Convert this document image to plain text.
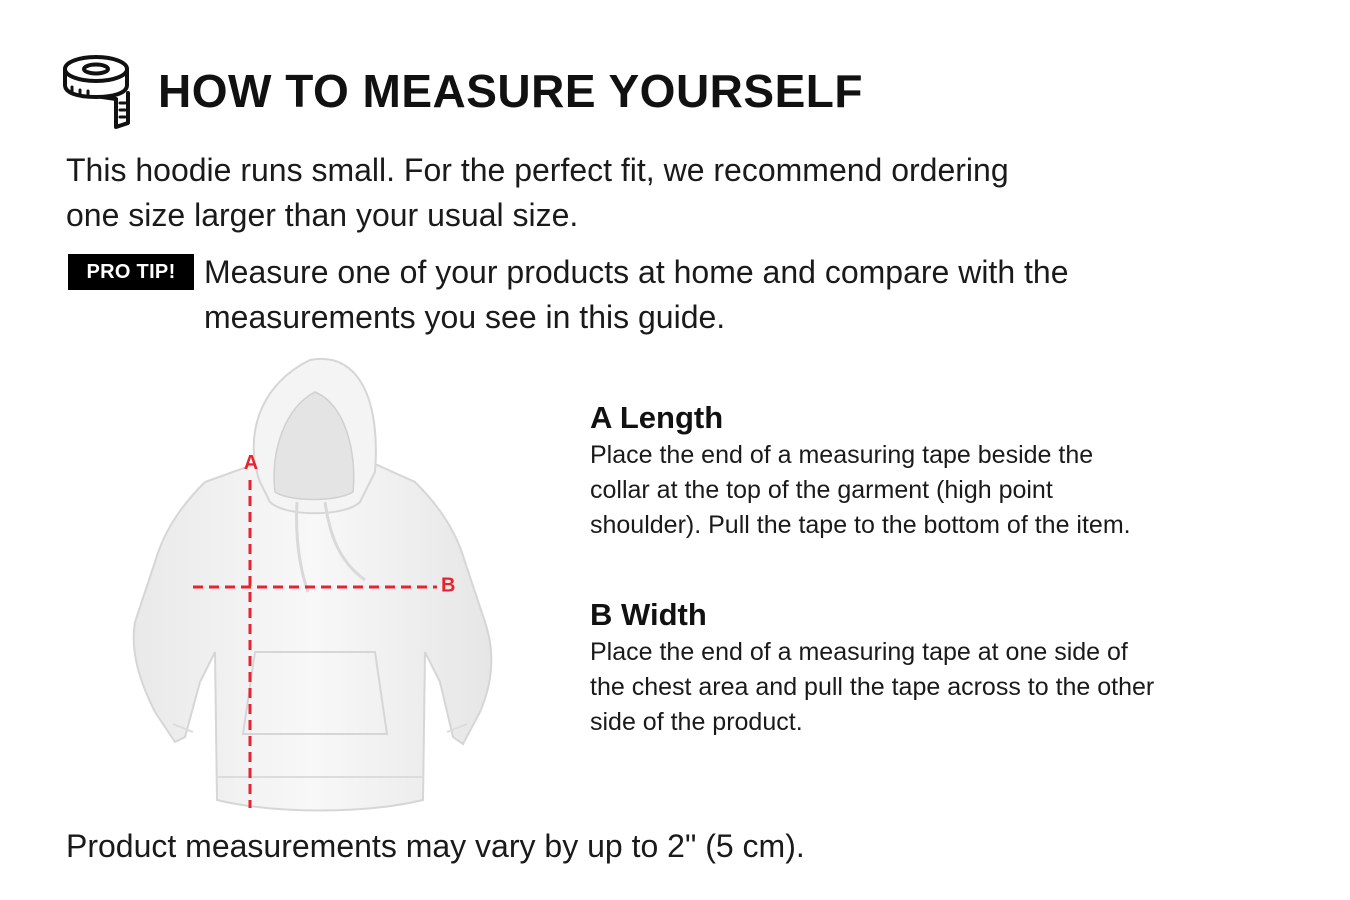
HOW TO MEASURE YOURSELF
This hoodie runs small. For the perfect fit, we recommend ordering
one size larger than your usual size.
PRO TIP! Measure one of your products at home and compare with the
measurements you see in this guide.
A
B
A Length

Place the end of a measuring tape beside the
collar at the top of the garment (high point
shoulder). Pull the tape to the bottom of the item.

B Width

Place the end of a measuring tape at one side of
the chest area and pull the tape across to the other
side of the product.

Product measurements may vary by up to 2" (5 cm).
